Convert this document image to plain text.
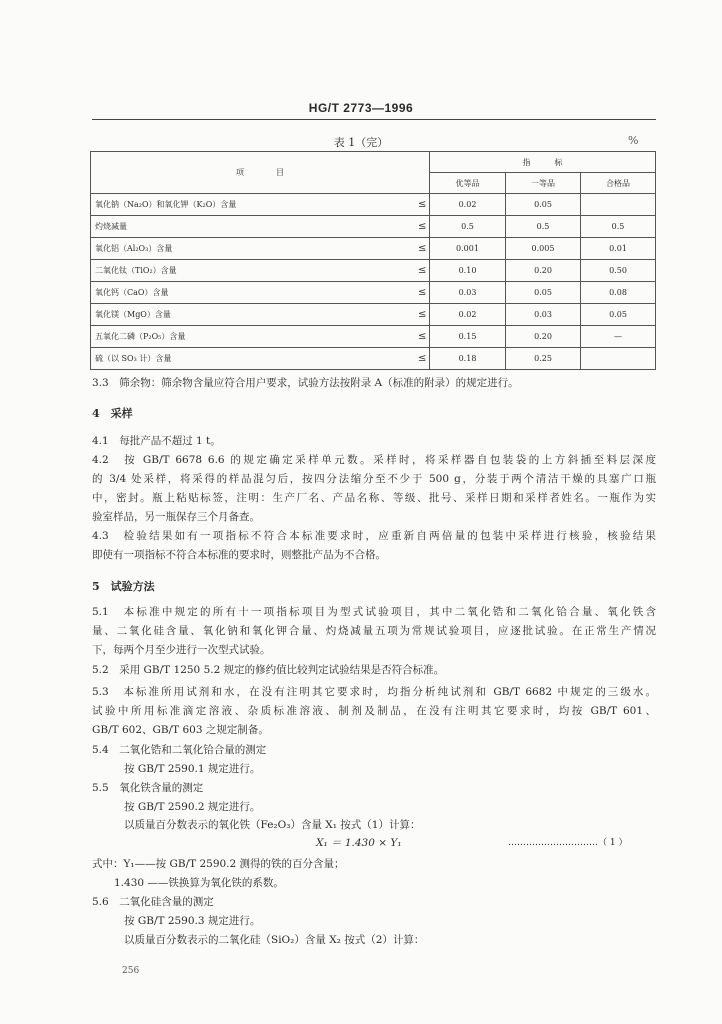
HG/T 2773—1996
表 1（完）	%
项　　　　目		指　　　标		
		优等品	一等品	合格品
氧化钠（Na₂O）和氧化钾（K₂O）含量	≤	0.02	0.05	
灼烧减量	≤	0.5	0.5	0.5
氧化铝（Al₂O₃）含量	≤	0.001	0.005	0.01
二氧化钛（TiO₂）含量	≤	0.10	0.20	0.50
氧化钙（CaO）含量	≤	0.03	0.05	0.08
氧化镁（MgO）含量	≤	0.02	0.03	0.05
五氧化二磷（P₂O₅）含量	≤	0.15	0.20	—
硫（以 SO₃ 计）含量	≤	0.18	0.25	
3.3　筛余物：筛余物含量应符合用户要求，试验方法按附录 A（标准的附录）的规定进行。
4　采样
4.1　每批产品不超过 1 t。
4.2　按 GB/T 6678 6.6 的规定确定采样单元数。采样时，将采样器自包装袋的上方斜插至料层深度
的 3/4 处采样，将采得的样品混匀后，按四分法缩分至不少于 500 g，分装于两个清洁干燥的具塞广口瓶
中，密封。瓶上粘贴标签，注明：生产厂名、产品名称、等级、批号、采样日期和采样者姓名。一瓶作为实
验室样品，另一瓶保存三个月备查。
4.3　检验结果如有一项指标不符合本标准要求时，应重新自两倍量的包装中采样进行核验，核验结果
即使有一项指标不符合本标准的要求时，则整批产品为不合格。
5　试验方法
5.1　本标准中规定的所有十一项指标项目为型式试验项目，其中二氧化锆和二氧化铪合量、氧化铁含
量、二氧化硅含量、氧化钠和氧化钾合量、灼烧减量五项为常规试验项目，应逐批试验。在正常生产情况
下，每两个月至少进行一次型式试验。
5.2　采用 GB/T 1250 5.2 规定的修约值比较判定试验结果是否符合标准。
5.3　本标准所用试剂和水，在没有注明其它要求时，均指分析纯试剂和 GB/T 6682 中规定的三级水。
试验中所用标准滴定溶液、杂质标准溶液、制剂及制品，在没有注明其它要求时，均按 GB/T 601、
GB/T 602、GB/T 603 之规定制备。
5.4　二氧化锆和二氧化铪合量的测定
按 GB/T 2590.1 规定进行。
5.5　氧化铁含量的测定
按 GB/T 2590.2 规定进行。
以质量百分数表示的氧化铁（Fe₂O₃）含量 X₁ 按式（1）计算：
X₁ ＝ 1.430 × Y₁	…………………………（ 1 ）
式中：Y₁——按 GB/T 2590.2 测得的铁的百分含量；
1.430 ——铁换算为氧化铁的系数。
5.6　二氧化硅含量的测定
按 GB/T 2590.3 规定进行。
以质量百分数表示的二氧化硅（SiO₂）含量 X₂ 按式（2）计算：
256
